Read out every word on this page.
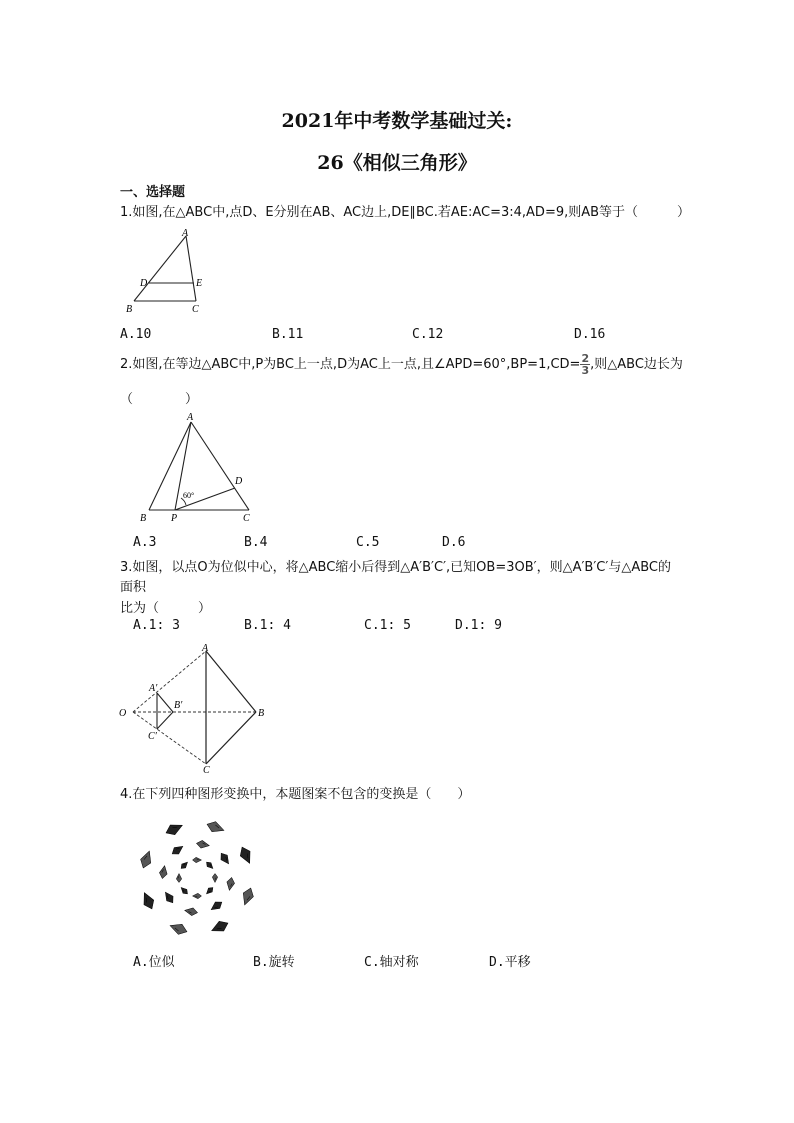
2021年中考数学基础过关:
26《相似三角形》
一、选择题
1.如图,在△ABC中,点D、E分别在AB、AC边上,DE∥BC.若AE:AC=3:4,AD=9,则AB等于（　　　）
A
D	E
B	C
A.10	B.11	C.12	D.16
2.如图,在等边△ABC中,P为BC上一点,D为AC上一点,且∠APD=60°,BP=1,CD= $\frac{2}{3}$ ,则△ABC边长为
（　　　　）
A
D
B P	C
60°
A.3	B.4	C.5	D.6
3.如图，以点O为位似中心，将△ABC缩小后得到△A′B′C′,已知OB=3OB′，则△A′B′C′与△ABC的
面积
比为（　　　）
A.1: 3	B.1: 4	C.1: 5	D.1: 9
O
A
B
C
A′
B′
C′
4.在下列四种图形变换中，本题图案不包含的变换是（　　）
A.位似	B.旋转	C.轴对称	D.平移
